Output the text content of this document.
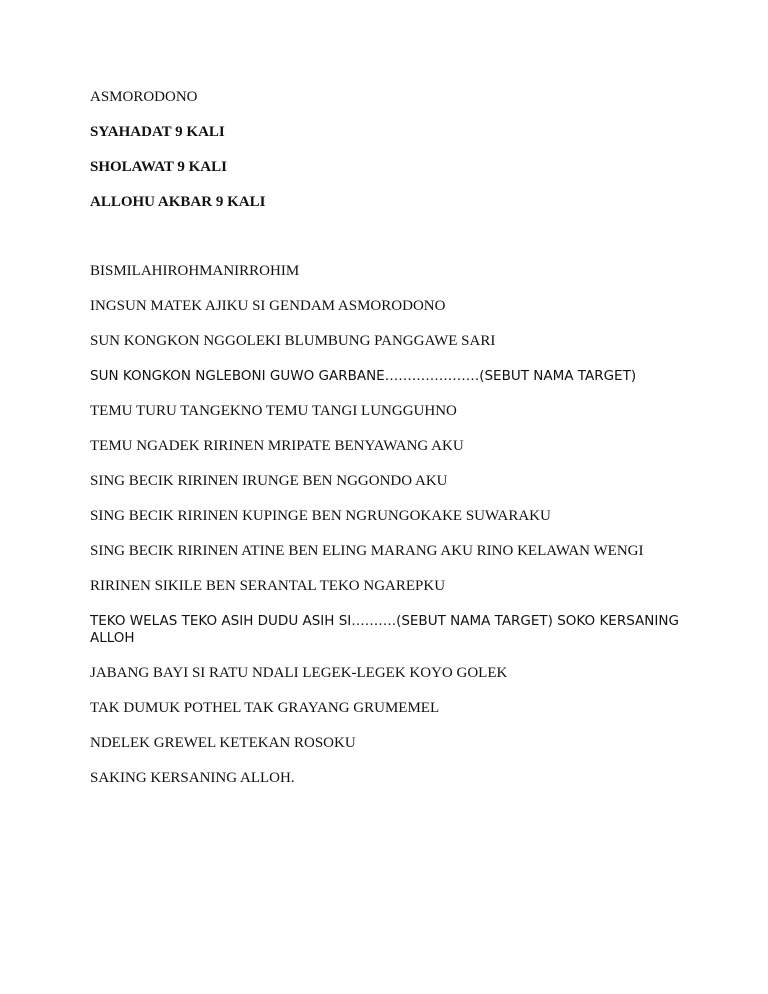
ASMORODONO

SYAHADAT 9 KALI

SHOLAWAT 9 KALI

ALLOHU AKBAR 9 KALI

BISMILAHIROHMANIRROHIM

INGSUN MATEK AJIKU SI GENDAM ASMORODONO

SUN KONGKON NGGOLEKI BLUMBUNG PANGGAWE SARI

SUN KONGKON NGLEBONI GUWO GARBANE…………………(SEBUT NAMA TARGET)

TEMU TURU TANGEKNO TEMU TANGI LUNGGUHNO

TEMU NGADEK RIRINEN MRIPATE BENYAWANG AKU

SING BECIK RIRINEN IRUNGE BEN NGGONDO AKU

SING BECIK RIRINEN KUPINGE BEN NGRUNGOKAKE SUWARAKU

SING BECIK RIRINEN ATINE BEN ELING MARANG AKU RINO KELAWAN WENGI

RIRINEN SIKILE BEN SERANTAL TEKO NGAREPKU

TEKO WELAS TEKO ASIH DUDU ASIH SI……….(SEBUT NAMA TARGET) SOKO KERSANING ALLOH

JABANG BAYI SI RATU NDALI LEGEK-LEGEK KOYO GOLEK

TAK DUMUK POTHEL TAK GRAYANG GRUMEMEL

NDELEK GREWEL KETEKAN ROSOKU

SAKING KERSANING ALLOH.
